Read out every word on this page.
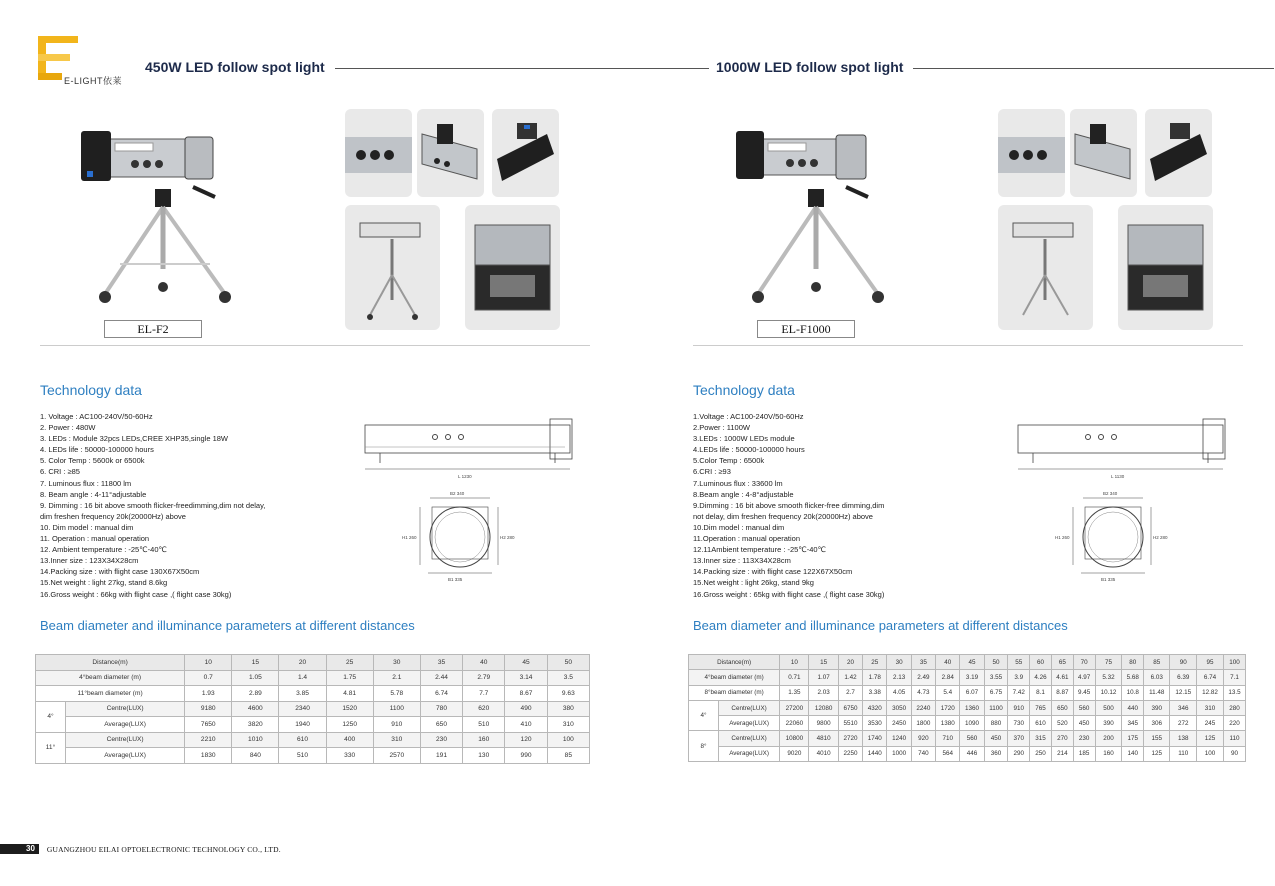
E-LIGHT依莱
450W LED follow spot light	1000W LED follow spot light
EL-F2
Technology data
1. Voltage : AC100-240V/50-60Hz
2. Power : 480W
3. LEDs : Module 32pcs LEDs,CREE XHP35,single 18W
4. LEDs life : 50000-100000 hours
5. Color Temp : 5600k or 6500k
6. CRI : ≥85
7. Luminous flux : 11800 lm
8. Beam angle : 4-11°adjustable
9. Dimming : 16 bit above smooth flicker-freedimming,dim not delay,
dim freshen frequency 20k(20000Hz) above
10. Dim model : manual dim
11. Operation : manual operation
12. Ambient temperature : -25℃-40℃
13.Inner size : 123X34X28cm
14.Packing size : with flight case 130X67X50cm
15.Net weight : light 27kg, stand 8.6kg
16.Gross weight : 66kg with flight case ,( flight case 30kg)
L 1230
B2 340
H1 260	H2 280
B1 335
Beam diameter and illuminance parameters at different distances
Distance(m)		10	15	20	25	30	35	40	45	50
4°beam diameter (m)		0.7	1.05	1.4	1.75	2.1	2.44	2.79	3.14	3.5
11°beam diameter (m)		1.93	2.89	3.85	4.81	5.78	6.74	7.7	8.67	9.63
4°	Centre(LUX)	9180	4600	2340	1520	1100	780	620	490	380
	Average(LUX)	7650	3820	1940	1250	910	650	510	410	310
11°	Centre(LUX)	2210	1010	610	400	310	230	160	120	100
	Average(LUX)	1830	840	510	330	2570	191	130	990	85
EL-F1000
Technology data
1.Voltage : AC100-240V/50-60Hz
2.Power : 1100W
3.LEDs : 1000W LEDs module
4.LEDs life : 50000-100000 hours
5.Color Temp : 6500k
6.CRI : ≥93
7.Luminous flux : 33600 lm
8.Beam angle : 4-8°adjustable
9.Dimming : 16 bit above smooth flicker-free dimming,dim
not delay, dim freshen frequency 20k(20000Hz) above
10.Dim model : manual dim
11.Operation : manual operation
12.11Ambient temperature : -25℃-40℃
13.Inner size : 113X34X28cm
14.Packing size : with flight case 122X67X50cm
15.Net weight : light 26kg, stand 9kg
16.Gross weight : 65kg with flight case ,( flight case 30kg)
L 1130
B2 340
H1 260	H2 280
B1 335
Beam diameter and illuminance parameters at different distances
Distance(m)		10	15	20	25	30	35	40	45	50	55	60	65	70	75	80	85	90	95	100
4°beam diameter (m)		0.71	1.07	1.42	1.78	2.13	2.49	2.84	3.19	3.55	3.9	4.26	4.61	4.97	5.32	5.68	6.03	6.39	6.74	7.1
8°beam diameter (m)		1.35	2.03	2.7	3.38	4.05	4.73	5.4	6.07	6.75	7.42	8.1	8.87	9.45	10.12	10.8	11.48	12.15	12.82	13.5
4°	Centre(LUX)	27200	12080	6750	4320	3050	2240	1720	1360	1100	910	765	650	560	500	440	390	346	310	280
	Average(LUX)	22060	9800	5510	3530	2450	1800	1380	1090	880	730	610	520	450	390	345	306	272	245	220
8°	Centre(LUX)	10800	4810	2720	1740	1240	920	710	560	450	370	315	270	230	200	175	155	138	125	110
	Average(LUX)	9020	4010	2250	1440	1000	740	564	446	360	290	250	214	185	160	140	125	110	100	90
30	GUANGZHOU EILAI OPTOELECTRONIC TECHNOLOGY CO., LTD.
